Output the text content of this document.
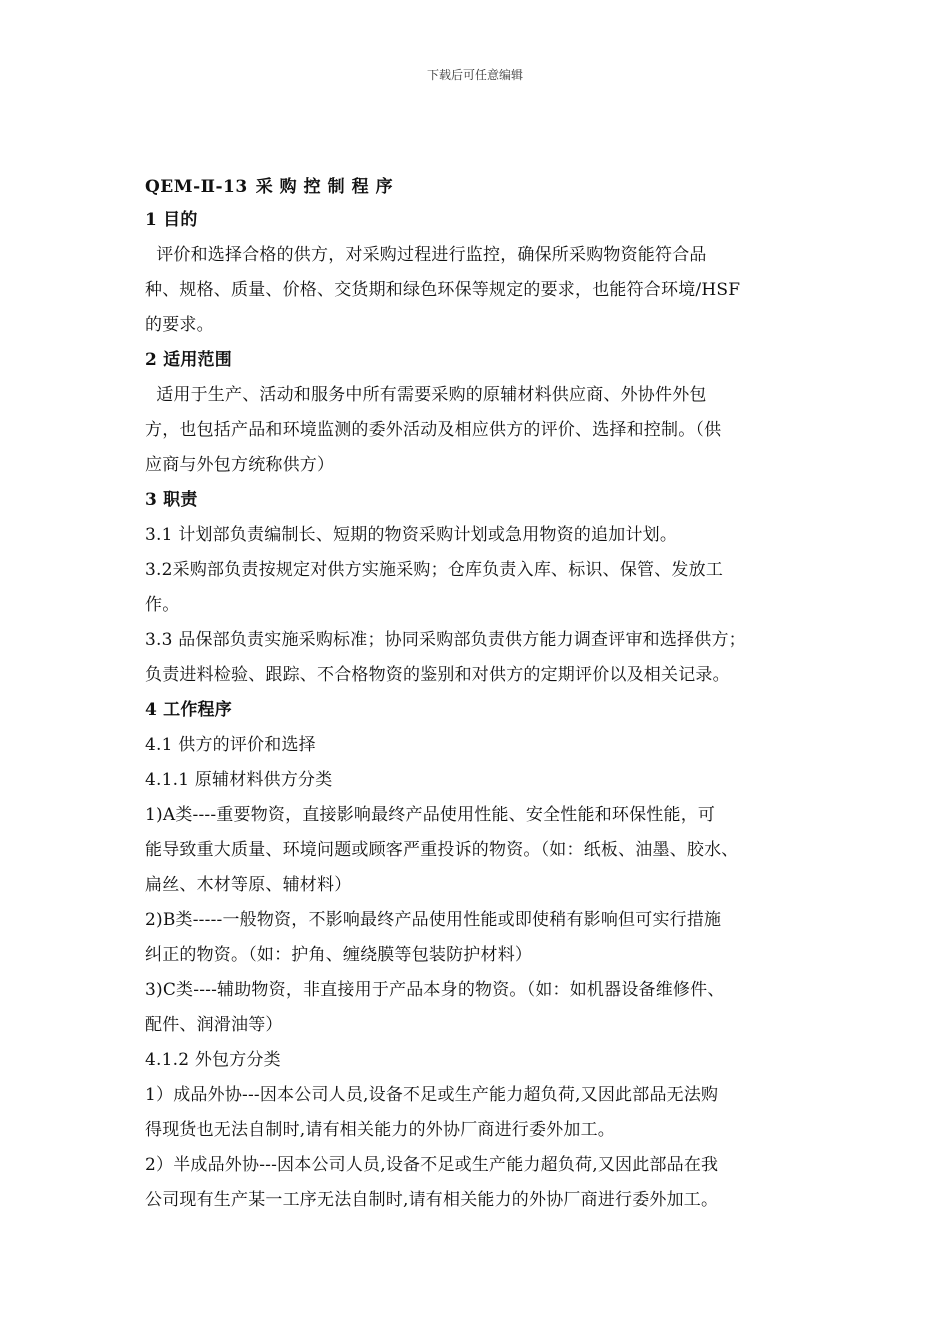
下载后可任意编辑
QEM-Ⅱ-13 采购控制程序
1 目的
评价和选择合格的供方，对采购过程进行监控，确保所采购物资能符合品
种、规格、质量、价格、交货期和绿色环保等规定的要求，也能符合环境/HSF
的要求。
2 适用范围
适用于生产、活动和服务中所有需要采购的原辅材料供应商、外协件外包
方，也包括产品和环境监测的委外活动及相应供方的评价、选择和控制。（供
应商与外包方统称供方）
3 职责
3.1 计划部负责编制长、短期的物资采购计划或急用物资的追加计划。
3.2采购部负责按规定对供方实施采购；仓库负责入库、标识、保管、发放工
作。
3.3 品保部负责实施采购标准；协同采购部负责供方能力调查评审和选择供方；
负责进料检验、跟踪、不合格物资的鉴别和对供方的定期评价以及相关记录。
4 工作程序
4.1 供方的评价和选择
4.1.1 原辅材料供方分类
1)A类----重要物资，直接影响最终产品使用性能、安全性能和环保性能，可
能导致重大质量、环境问题或顾客严重投诉的物资。（如：纸板、油墨、胶水、
扁丝、木材等原、辅材料）
2)B类-----一般物资，不影响最终产品使用性能或即使稍有影响但可实行措施
纠正的物资。（如：护角、缠绕膜等包装防护材料）
3)C类----辅助物资，非直接用于产品本身的物资。（如：如机器设备维修件、
配件、润滑油等）
4.1.2 外包方分类
1）成品外协---因本公司人员,设备不足或生产能力超负荷,又因此部品无法购
得现货也无法自制时,请有相关能力的外协厂商进行委外加工。
2）半成品外协---因本公司人员,设备不足或生产能力超负荷,又因此部品在我
公司现有生产某一工序无法自制时,请有相关能力的外协厂商进行委外加工。
